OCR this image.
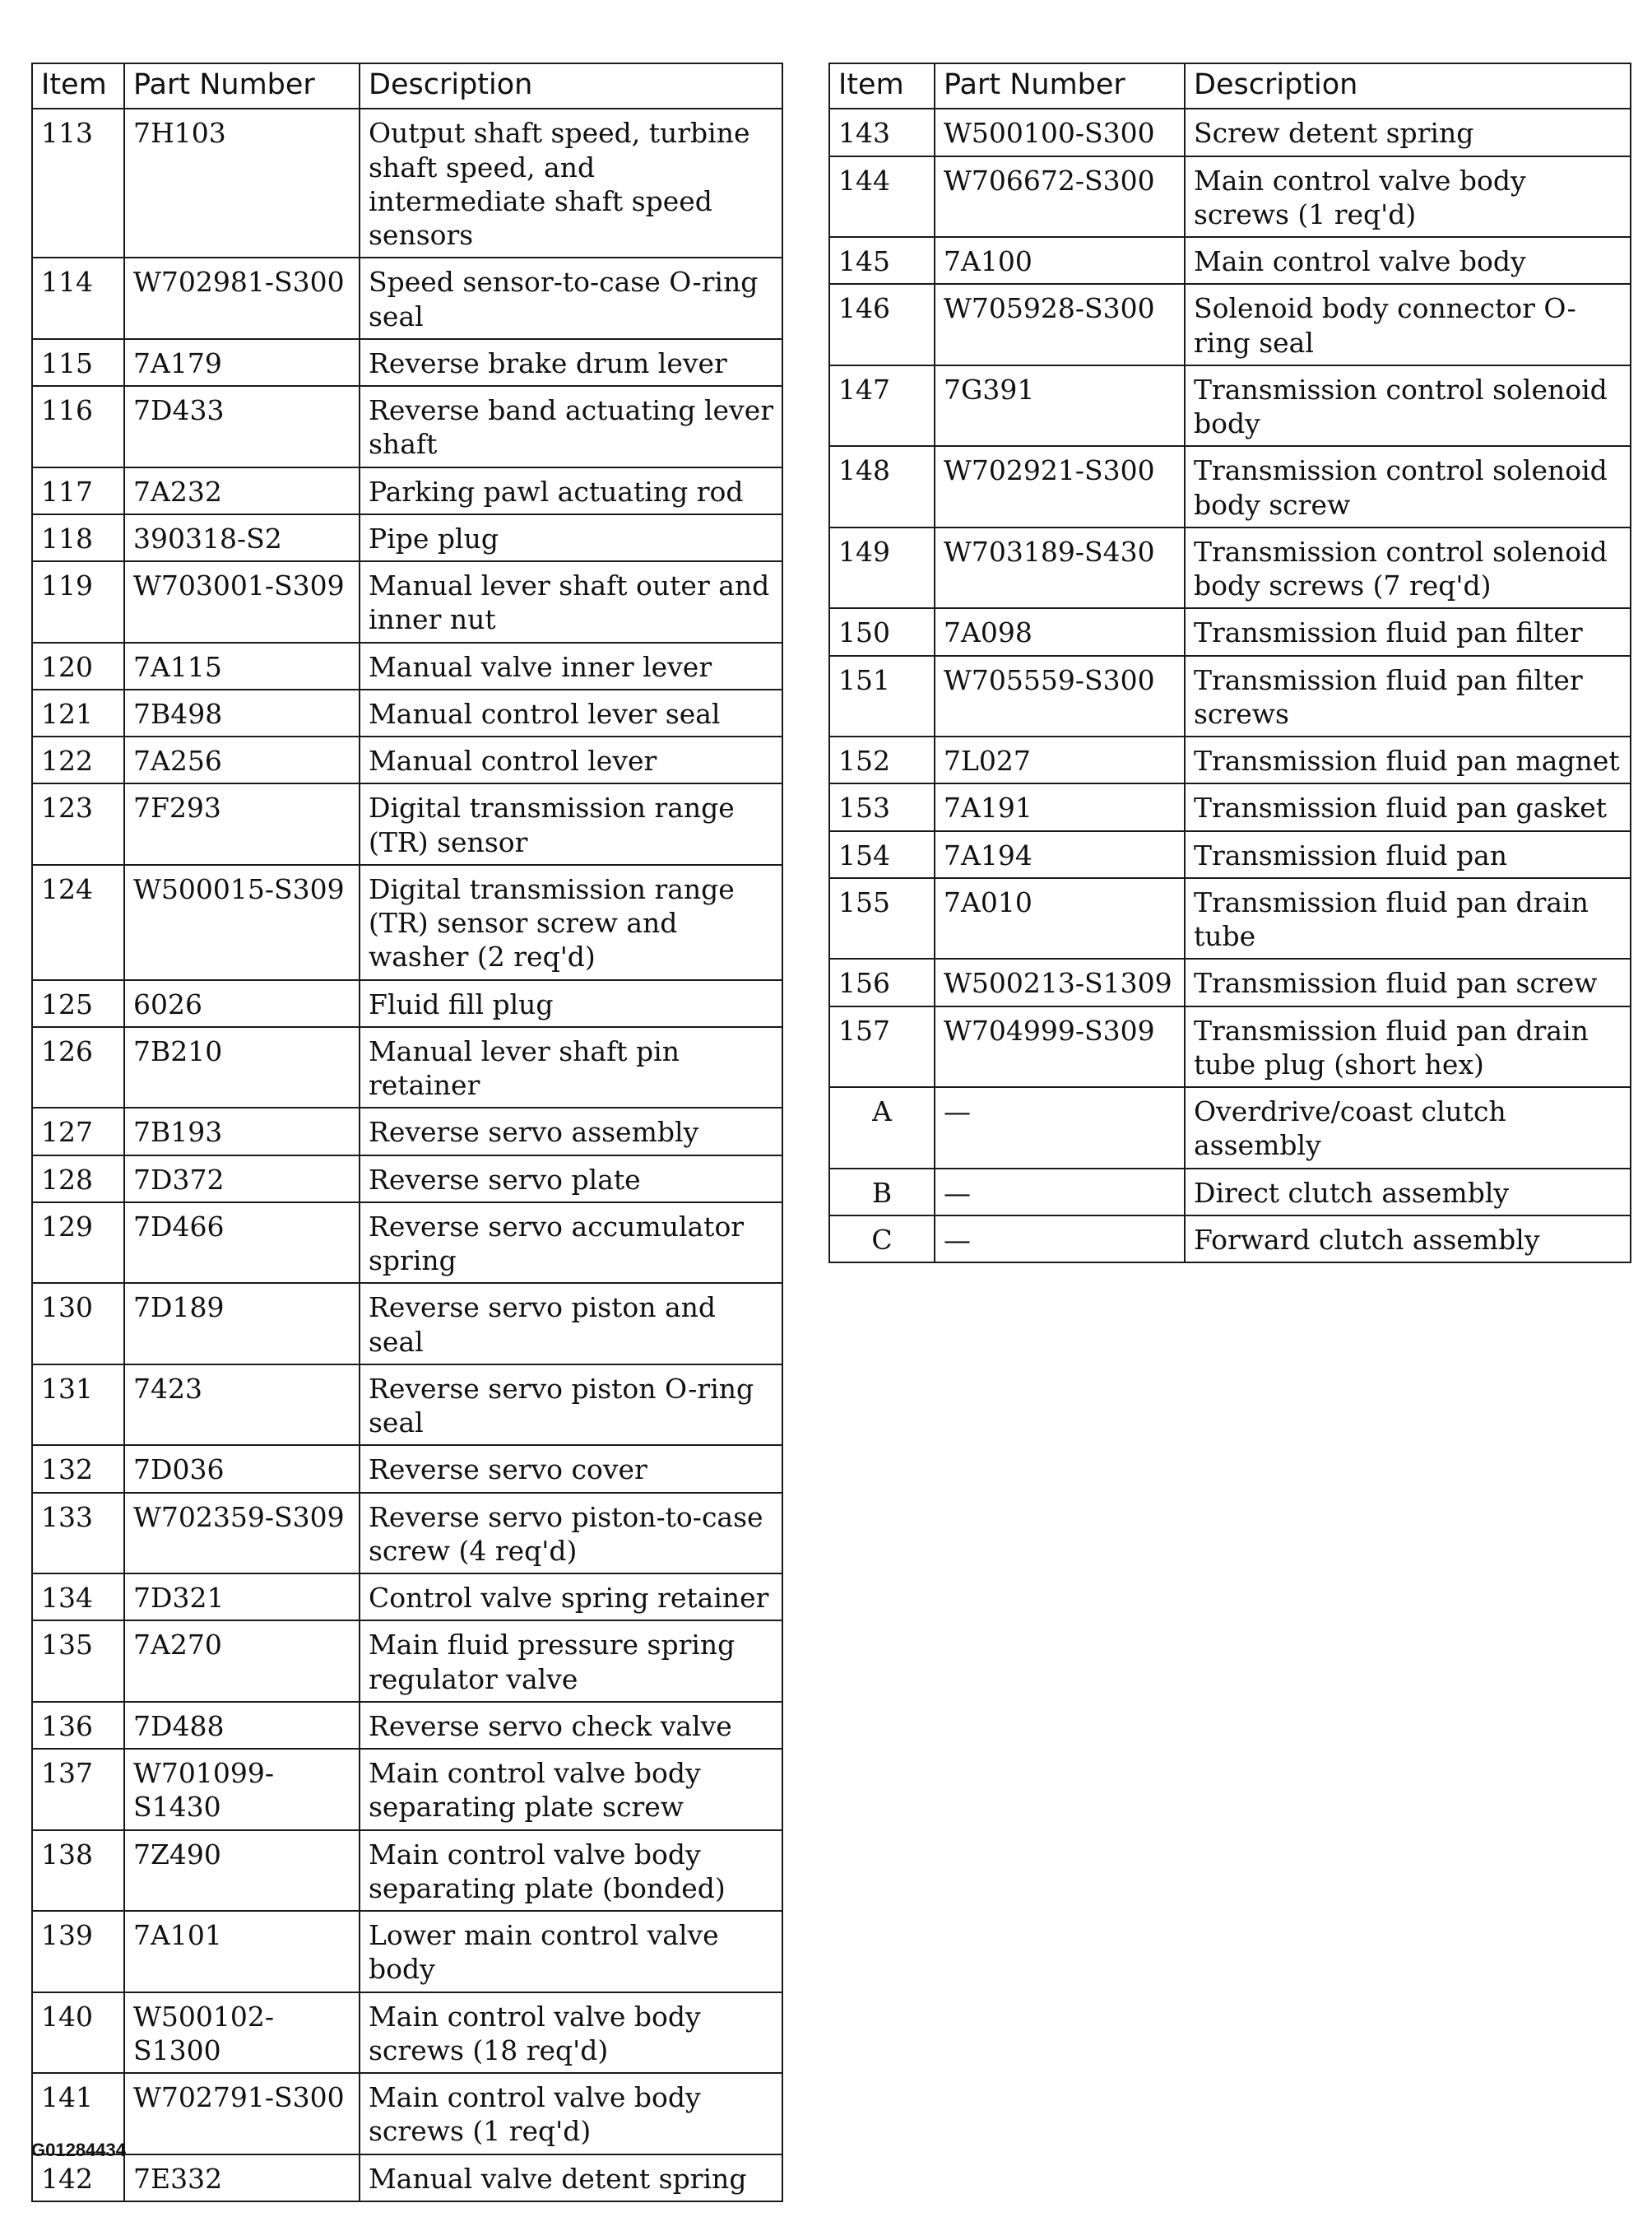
Item	Part Number	Description
113	7H103	Output shaft speed, turbine shaft speed, and intermediate shaft speed sensors
114	W702981-S300	Speed sensor-to-case O-ring seal
115	7A179	Reverse brake drum lever
116	7D433	Reverse band actuating lever shaft
117	7A232	Parking pawl actuating rod
118	390318-S2	Pipe plug
119	W703001-S309	Manual lever shaft outer and inner nut
120	7A115	Manual valve inner lever
121	7B498	Manual control lever seal
122	7A256	Manual control lever
123	7F293	Digital transmission range (TR) sensor
124	W500015-S309	Digital transmission range (TR) sensor screw and washer (2 req'd)
125	6026	Fluid fill plug
126	7B210	Manual lever shaft pin retainer
127	7B193	Reverse servo assembly
128	7D372	Reverse servo plate
129	7D466	Reverse servo accumulator spring
130	7D189	Reverse servo piston and seal
131	7423	Reverse servo piston O-ring seal
132	7D036	Reverse servo cover
133	W702359-S309	Reverse servo piston-to-case screw (4 req'd)
134	7D321	Control valve spring retainer
135	7A270	Main fluid pressure spring regulator valve
136	7D488	Reverse servo check valve
137	W701099-S1430	Main control valve body separating plate screw
138	7Z490	Main control valve body separating plate (bonded)
139	7A101	Lower main control valve body
140	W500102-S1300	Main control valve body screws (18 req'd)
141	W702791-S300	Main control valve body screws (1 req'd)
142	7E332	Manual valve detent spring
Item	Part Number	Description
143	W500100-S300	Screw detent spring
144	W706672-S300	Main control valve body screws (1 req'd)
145	7A100	Main control valve body
146	W705928-S300	Solenoid body connector O-ring seal
147	7G391	Transmission control solenoid body
148	W702921-S300	Transmission control solenoid body screw
149	W703189-S430	Transmission control solenoid body screws (7 req'd)
150	7A098	Transmission fluid pan filter
151	W705559-S300	Transmission fluid pan filter screws
152	7L027	Transmission fluid pan magnet
153	7A191	Transmission fluid pan gasket
154	7A194	Transmission fluid pan
155	7A010	Transmission fluid pan drain tube
156	W500213-S1309	Transmission fluid pan screw
157	W704999-S309	Transmission fluid pan drain tube plug (short hex)
A	—	Overdrive/coast clutch assembly
B	—	Direct clutch assembly
C	—	Forward clutch assembly
G01284434
